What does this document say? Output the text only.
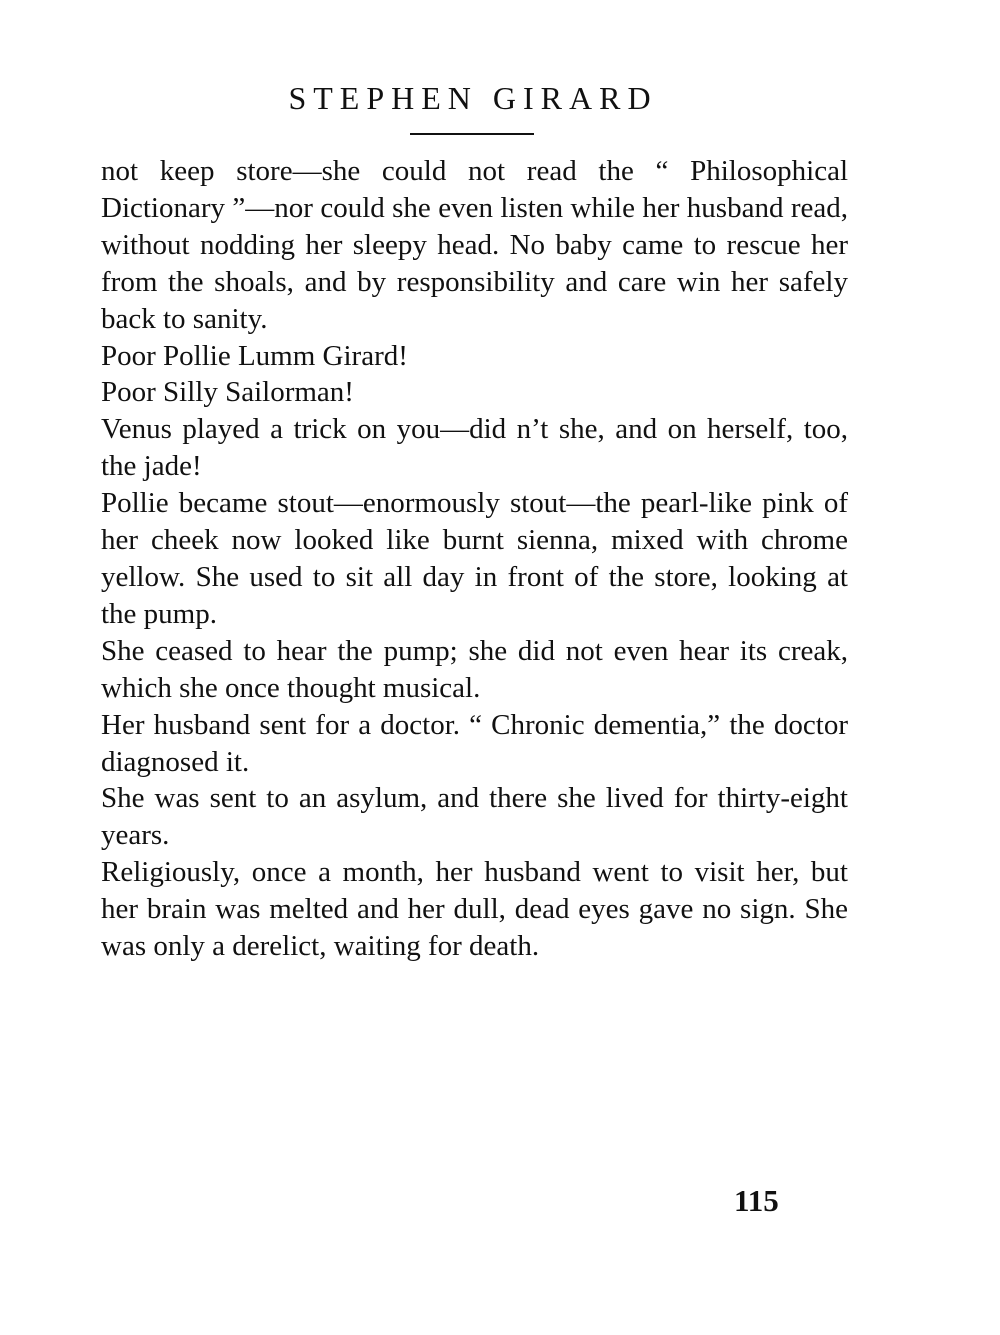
STEPHEN GIRARD

not keep store—she could not read the “ Philosophical Dictionary ”—nor could she even listen while her husband read, without nodding her sleepy head. No baby came to rescue her from the shoals, and by responsibility and care win her safely back to sanity.

Poor Pollie Lumm Girard!

Poor Silly Sailorman!

Venus played a trick on you—did n’t she, and on herself, too, the jade!

Pollie became stout—enormously stout—the pearl-like pink of her cheek now looked like burnt sienna, mixed with chrome yellow. She used to sit all day in front of the store, looking at the pump.

She ceased to hear the pump; she did not even hear its creak, which she once thought musical.

Her husband sent for a doctor. “ Chronic dementia,” the doctor diagnosed it.

She was sent to an asylum, and there she lived for thirty-eight years.

Religiously, once a month, her husband went to visit her, but her brain was melted and her dull, dead eyes gave no sign. She was only a derelict, waiting for death.

115
